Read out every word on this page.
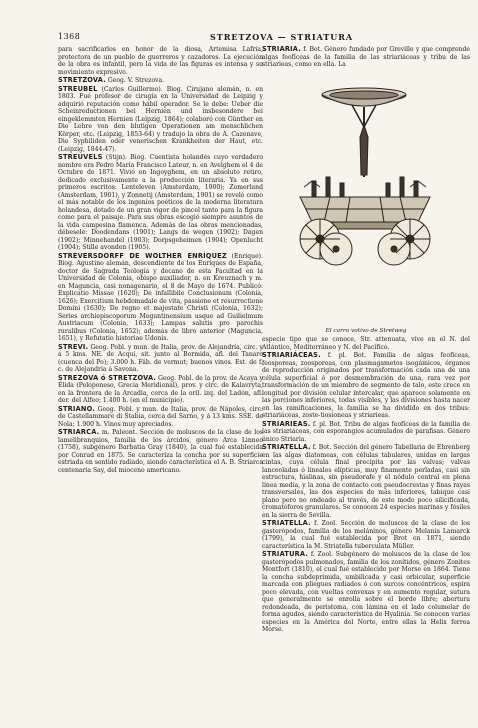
1368	STRETZOVA — STRIATURA

para sacrificarlos en honor de la diosa, Artemisa Lafria, protectora de un pueblo de guerreros y cazadores. La ejecución de la obra es infantil, pero la vida de las figuras es intensa y su movimiento expresivo.

STRETZOVA. Geog. V. Strezova.

STREUBEL (Carlos Guillermo). Biog. Cirujano alemán, n. en 1803. Fué profesor de cirugía en la Universidad de Leipzig y adquirió reputación como hábil operador. Se le debe: Ueber die Scheinreductionen bei Hernien und insbesondere bei eingeklemmten Hernien (Leipzig, 1864); colaboró con Günther en Die Lehre von den blutigen Operationen am menschlichen Körper, etc. (Leipzig, 1853-64) y tradujo la obra de A. Cazenave, Die Syphiliden oder venerischen Krankheiten der Haut, etc. (Leipzig, 1844-47).

STREUVELS (Stijn). Biog. Cuentista holandés cuyo verdadero nombre era Pedro María Francisco Lateur, n. en Avelghem el 4 de Octubre de 1871. Vivió en Ingoyghem, en un absoluto retiro, dedicado exclusivamente a la producción literaria. Ya en sus primeros escritos: Lenteleven (Amsterdam, 1900); Zomerland (Amsterdam, 1901), y Zonnetij (Amsterdam, 1901) se reveló como el más notable de los ingenios poéticos de la moderna literatura holandesa, dotado de un gran vigor de pincel tanto para la figura como para el paisaje. Para sus obras escogió siempre asuntos de la vida campesina flamenca. Además de las obras mencionadas, débesele: Doodendans (1901); Langs de wegen (1902); Dagen (1902); Minnehandel (1903); Dorpsgeheimen (1904); Openlucht (1904); Stille avonden (1905).

STREVERSDORFF DE WOLTHER ENRÍQUEZ (Enrique). Biog. Agustino alemán, descendiente de los Enriques de España, doctor de Sagrada Teología y decano de esta Facultad en la Universidad de Colonia, obispo auxiliador, n. en Kreuznach y m. en Maguncia, casi nonagenario, el 8 de Mayo de 1674. Publicó: Explicatio Missae (1620); De infallibile Conclusionum (Colonia, 1626); Exercitium hebdomadale de vita, passione et resurrectione Domini (1630); De regno et majestate Christi (Colonia, 1632); Series archiepiscoporum Moguntinensium usque ad Guilielmum Austriacum (Colonia, 1633); Lampas salutis pro parochis ruralibus (Colonia, 1652); además de libro anterior (Maguncia, 1651), y Refutatio historiae Udonis.

STREVI. Geog. Pobl. y mun. de Italia, prov. de Alejandría, circ. y á 5 kms. NE. de Acquí, sit. junto al Bormida, afl. del Tanaro (cuenca del Po); 3.000 h. Fáb. de vermut; buenos vinos. Est. de f. c. de Alejandría á Savona.

STREZOVA ó STRETZOVA. Geog. Pobl. de la prov. de Acaya y Élida (Peloponeso, Grecia Meridional), prov. y circ. de Kalavryta, en la frontera de la Arcadia, cerca de la oril. izq. del Ladón, afl. der. del Alfeo; 1.400 h. (en el municipio).

STRIANO. Geog. Pobl. y mun. de Italia, prov. de Nápoles, circ. de Castellammare di Stabia, cerca del Sarno, y á 13 kms. SSE. de Nola; 1.900 h. Vinos muy apreciados.

STRIARCA. m. Paleont. Sección de moluscos de la clase de los lamelibranquios, familia de los árcidos, género Arca Linneo (1758), subgénero Barbatia Gray (1840), la cual fué establecida por Conrad en 1875. Se caracteriza la concha por su superficie estriada en sentido radiado, siendo característica el A. B. Striarca centenaria Say, del mioceno americano.

STRIARIA. f. Bot. Género fundado por Greville y que comprende algas feofíceas de la familia de las striariáceas y tribu de las striarieas, como en ella. La

El carro votivo de Stretweg

especie tipo que se conoce, Str. attenuata, vive en el N. del Atlántico, Mediterráneo y N. del Pacífico.

STRIARIÁCEAS. f. pl. Bot. Familia de algas feofíceas, feosporeas, zoosporeas, con plasmagametos isogámicos, órganos de reproducción originados por transformación cada una de una célula superficial ó por desmembración de una, rara vez por transformación de un miembro de segmento de talo, este crece en longitud por división celular intercalar, que aparece solamente en las porciones inferiores, todas visibles, y las divisiones hasta nacer en las ramificaciones, la familia se ha dividido en dos tribus: striariáceas, zoste-tiosioneas y striarieas.

STRIARIEAS. f. pl. Bot. Tribu de algas feofíceas de la familia de las striariáceas, con esporangios acumulados de parafisas. Género único Striaria.

STRIATELLA. f. Bot. Sección del género Tabellaria de Ehrenberg en las algas diatomeas, con células tabulares, unidas en largas cintas, cuya célula final precipita por las valvas; valvas lanceoladas ó lineales elípticas, muy finamente perladas, casi sin estructura, hialinas, sin pseudorafe y el nódulo central en plena línea media, y la zona de contacto con pseudocrestas y finas rayas transversales, las dos especies de más inferiores, tabique casi plano pero no ondeado al través, de este modo poco silicificada, cromatóforos granulares. Se conocen 24 especies marinas y fósiles en la sierra de Sevilla.

STRIATELLA. f. Zool. Sección de moluscos de la clase de los gasterópodos, familia de los meláninos, género Melania Lamarck (1799), la cual fué establecida por Brot en 1871, siendo característica la M. Striatella tuberculata Müller.

STRIATURA. f. Zool. Subgénero de moluscos de la clase de los gasterópodos pulmonados, familia de los zonítidos, género Zonites Montfort (1810), el cual fué establecido por Morse en 1864. Tiene la concha subdeprimida, umbilicada y casi orbicular, superficie marcada con pliegues radiados ó con surcos concéntricos, espira poco elevada, con vueltas convexas y en aumento regular, sutura que generalmente se enrolla sobre el borde libre; abertura redondeada, de peristoma, con lámina en el lado columelar de forma agudos, siendo característica de Hyalinia. Se conocen varias especies en la América del Norte, entre ellas la Helix ferrea Morse.
